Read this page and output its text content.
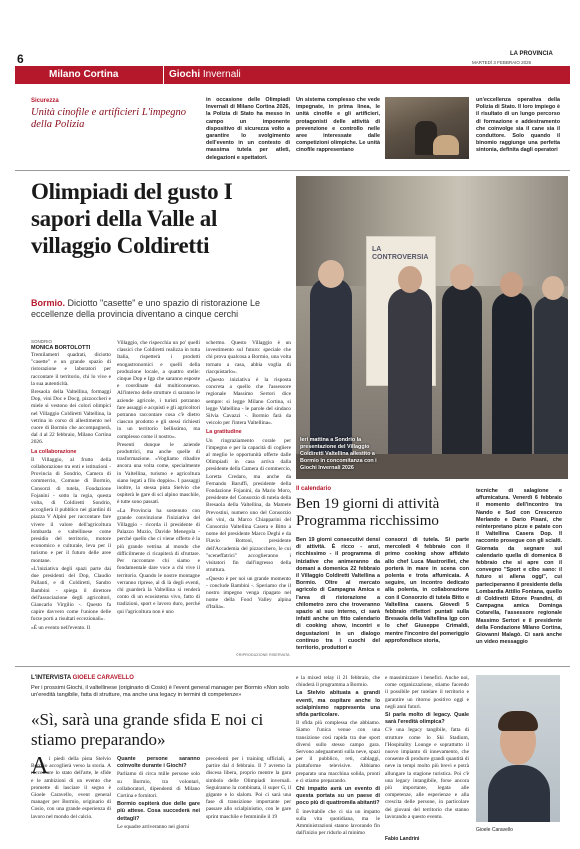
6	LA PROVINCIA
MARTEDÌ 3 FEBBRAIO 2026
Milano Cortina	Giochi Invernali
Sicurezza
Unità cinofile e artificieri L'impegno della Polizia
in occasione delle Olimpiadi Invernali di Milano Cortina 2026, la Polizia di Stato ha messo in campo un imponente dispositivo di sicurezza volto a garantire lo svolgimento dell'evento in un contesto di massima tutela per atleti, delegazioni e spettatori.
Un sistema complesso che vede impegnate, in prima linea, le unità cinofile e gli artificieri, protagonisti delle attività di prevenzione e controllo nelle aree interessate dalle competizioni olimpiche. Le unità cinofile rappresentano
un'eccellenza operativa della Polizia di Stato. Il loro impiego è il risultato di un lungo percorso di formazione e addestramento che coinvolge sia il cane sia il conduttore. Solo quando il binomio raggiunge una perfetta sintonia, definita dagli operatori
Olimpiadi del gusto I sapori della Valle al villaggio Coldiretti
Bormio. Diciotto "casette" e uno spazio di ristorazione Le eccellenze della provincia diventano a cinque cerchi
LA CONTROVERSIA
Ieri mattina a Sondrio la presentazione del Villaggio Coldiretti Valtellina allestito a Bormio in concomitanza con i Giochi Invernali 2026
SONDRIO
MONICA BORTOLOTTI

Tremilametri quadrati, diciotto "casette" e un grande spazio di ristorazione e laboratori per raccontare il territorio, chi lo vive e la sua autenticità.

Bresaola della Valtellina, formaggi Dop, vini Doc e Docg, pizzoccheri e miele si vestono dei colori olimpici nel Villaggio Coldiretti Valtellina, la vetrina in corso di allestimento nel cuore di Bormio che accompagnerà, dal 4 al 22 febbraio, Milano Cortina 2026.

La collaborazione

Il Villaggio, al frutto della collaborazione tra enti e istituzioni - Provincia di Sondrio, Camera di commercio, Comune di Bormio, Consorzi di tutela, Fondazione Fojanini - sotto la regia, questa volta, di Coldiretti Sondrio, accoglierà il pubblico nei giardini di piazza V Alpini per raccontare fare vivere il valore dell'agricoltura lombarda e valtellinese come presidio del territorio, motore economico e culturale, leva per il turismo e per il futuro delle aree montane.

«L'iniziativa degli spazi parte dai due presidenti del Dop, Claudio Pallanti, e di Coldiretti, Sandro Bambini - spiega il direttore dell'associazione degli agricoltori, Giancarlo Virgilio -. Questo fa capire davvero come l'unione delle forze porti a risultati eccezionali».

«È un evento nell'evento. Il

Villaggio, che rispecchia un po' quelli classici che Coldiretti realizza in tutta Italia, rispetterà i prodotti enogastronomici e quelli della produzione locale, a quattro stelle: cinque Dop e Igp che saranno esposte e coordinate dal multiconsenso. All'interno delle strutture ci saranno le aziende agricole, i turisti potranno fare assaggi e acquisti e gli agricoltori potranno raccontare cosa c'è dietro ciascun prodotto e gli stessi richiesti in un territorio bellissimo, ma complesso come il nostro».

Presenti dunque le aziende produttrici, ma anche quelle di trasformazione. «Vogliamo ribadire ancora una volta come, specialmente in Valtellina, turismo e agricoltura siano legati a filo doppio». I passaggi inoltre, la stessa pista Stelvio che ospiterà le gare di sci alpino maschile, è tutte sono passati.

«La Provincia ha sostenuto con grande convinzione l'iniziativa del Villaggio - ricorda il presidente di Palazzo Muzio, Davide Menegola - perché quello che ci viene offerto è la più grande vetrina al mondo che difficilmente ci ricapiterà di sfruttare. Per raccontare chi siamo e fondamentale dare voce a chi vive il territorio. Quando le nostre montagne verranno riprese, al di là degli eventi, chi guarderà la Valtellina si renderà conto di un ecosistema vivo, fatto di tradizioni, sport e lavoro duro, perché qui l'agricoltura non è uno

schermo. Questo Villaggio è un investimento sul futuro: speciale che chi prova qualcosa a Bormio, una volta tornato a casa, abbia voglia di riacquistarlo».

«Questo iniziativa è la risposta concreta a quello che l'assessore regionale Massimo Sertori dice sempre: si legge Milano Cortina, si legge Valtellina - le parole del sindaco Silvia Cavazzi -. Bormio farà da veicolo per l'intera Valtellina».

La gratitudine

Un ringraziamento corale per l'impegno e per la capacità di cogliere al meglio le opportunità offerte dalle Olimpiadi in casa arriva dalla presidente della Camera di commercio, Loretta Credaro, ma anche da Fernando Baruffi, presidente della Fondazione Fojanini, da Mario Moro, presidente del Consorzio di tutela della Bresaola della Valtellina, da Mamete Prevostini, numero uno del Consorzio dei vini, da Marco Chiapparini del Consorzio Valtellina Casera e Bitto a nome del presidente Marco Deghi e da Flavio Bottoni, presidente dell'Accademia del pizzocchero, le cui "sceneffatrici" accoglieranno i visitatori fin dall'ingresso della struttura.

«Questo è per noi un grande momento - conclude Bambini -. Speriamo che il nostro impegno venga ripagato nel nome della Food Valley alpina d'Italia».

©RIPRODUZIONE RISERVATA
Il calendario
Ben 19 giorni di attività Programma ricchissimo
Ben 19 giorni consecutivi densi di attività. È ricco - anzi, ricchissimo - il programma di iniziative che animeranno da domani a domenica 22 febbraio il Villaggio Coldiretti Valtellina a Bormio. Oltre al mercato agricolo di Campagna Amica e l'area di ristorazione a chilometro zero che troveranno spazio al suo interno, ci sarà infatti anche un fitto calendario di cooking show, incontri e degustazioni in un dialogo continuo tra i cuochi del territorio, produttori e
consorzi di tutela. Si parte mercoledì 4 febbraio con il primo cooking show affidato allo chef Luca Mastrorillet, che porterà in mare in scena con polenta e trota affumicata. A seguire, un incontro dedicato alla polenta, in collaborazione con il Consorzio di tutela Bitto e Valtellina casera. Giovedì 5 febbraio riflettori puntati sulla Bresaola della Valtellina Igp con lo chef Giuseppe Crimaldi, mentre l'incontro del pomeriggio approfondisce storia,
tecniche di salagione e affumicatura. Venerdì 6 febbraio il momento dell'incontro tra Nando e Sud con Crescenzo Merlando e Dario Pisani, che reinterpretano pizze e patate con il Valtellina Casera Dop. Il racconto prosegue con gli scialti. Giornata da segnare sul calendario quella di domenica 8 febbraio che si apre con il convegno "Sport e cibo sano: il futuro si allena oggi", cui parteciperanno il presidente della Lombardia Attilio Fontana, quello di Coldiretti Ettore Prandini, di Campagna amica Dominga Cotarella, l'assessore regionale Massimo Sertori e il presidente della Fondazione Milano Cortina, Giovanni Malagò. Ci sarà anche un video messaggio
L'INTERVISTA GIOELE CARAVELLO
Per i prossimi Giochi, il valtellinese (originario di Cosio) è l'event general manager per Bormio «Non solo un'eredità tangibile, fatta di strutture, ma anche una legacy in termini di competenze»
«Sì, sarà una grande sfida E noi ci stiamo preparando»
A i piedi della pista Stelvio Bormio accoglierà verso la storia. A raccontare lo stato dell'arte, le sfide e le ambizioni di un evento che promette di lasciare il segno è Gioele Caravello, event general manager per Bormio, originario di Cosio, con una grande esperienza di lavoro nel mondo del calcio.

Quante persone saranno coinvolte durante i Giochi?

Parliamo di circa mille persone solo su Bormio, tra volontari, collaboratori, dipendenti di Milano Cortina e fornitori.

Bormio ospiterà due delle gare più attese. Cosa succederà nei dettagli?

Le squadre arriveranno nei giorni

precedenti per i training ufficiali, a partire dal 4 febbraio. Il 7 avremo la discesa libera, proprio mentre la gara simbolo delle Olimpiadi invernali. Seguiranno la combinata, il super G, il gigante e lo slalom. Poi ci sarà una fase di transizione importante per passare allo scialpinismo, con le gare sprint maschile e femminile il 19

e la mixed relay il 21 febbraio, che chiuderà il programma a Bormio.

La Stelvio abituata a grandi eventi, ma ospitare anche lo scialpinismo rappresenta una sfida particolare.

Il sfida più complessa che abbiamo. Siamo l'unica venue con una transizione così rapida tra due sport diversi sullo stesso campo gara. Servono adeguamenti sulla neve, spazi per il pubblico, reti, cablaggi, piattaforme televisive. Abbiamo preparato una macchina solida, pronti e ci stiamo preparando.

Chi impatto avrà un evento di questa portata su un paese di poco più di quattromila abitanti?

È inevitabile che ci sia un impatto sulla vita quotidiana, ma le Amministrazioni stanno lavorando fin dall'inizio per ridurlo al minimo

e massimizzare i benefici. Anche noi, come organizzazione, stiamo facendo il possibile per tutelare il territorio e garantire un ritorno positivo oggi e negli anni futuri.

Si parla molto di legacy. Quale sarà l'eredità olimpica?

C'è una legacy tangibile, fatta di strutture come lo Ski Stadium, l'Hospitality Lounge e soprattutto il nuovo impianto di innevamento, che consente di produrre grandi quantità di neve in tempi molto più brevi e potrà allungare la stagione turistica. Poi c'è una legacy intangibile, forse ancora più importante, legata alle competenze, alle esperienze e alla crescita delle persone, in particolare dei giovani del territorio che stanno lavorando a questo evento.

Fabio Landrini
Gioele Caravello
